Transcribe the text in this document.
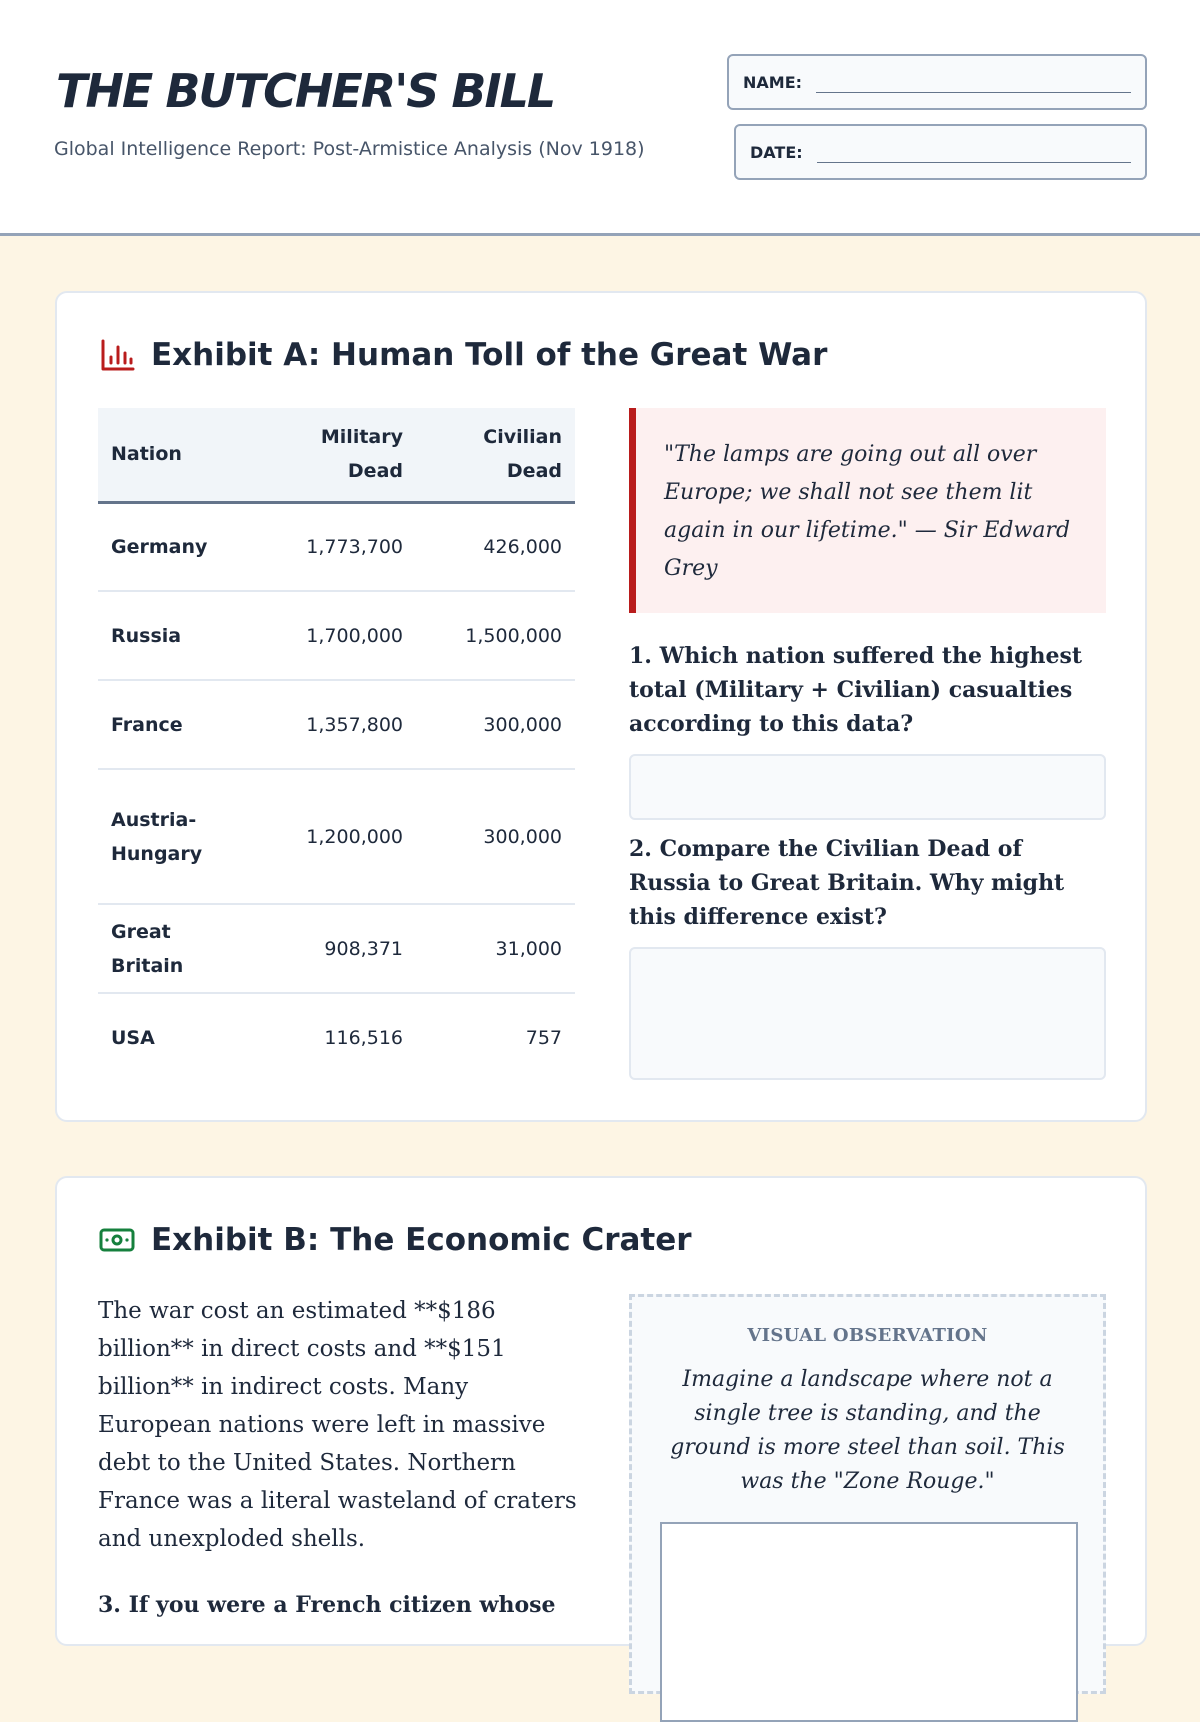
THE BUTCHER'S BILL
Global Intelligence Report: Post-Armistice Analysis (Nov 1918)
NAME:
DATE:
Exhibit A: Human Toll of the Great War
Nation	Military Dead	Civilian Dead
Germany	1,773,700	426,000
Russia	1,700,000	1,500,000
France	1,357,800	300,000
Austria-Hungary	1,200,000	300,000
Great Britain	908,371	31,000
USA	116,516	757
"The lamps are going out all over Europe; we shall not see them lit again in our lifetime." — Sir Edward Grey
1. Which nation suffered the highest total (Military + Civilian) casualties according to this data?
2. Compare the Civilian Dead of Russia to Great Britain. Why might this difference exist?
Exhibit B: The Economic Crater

The war cost an estimated **$186 billion** in direct costs and **$151 billion** in indirect costs. Many European nations were left in massive debt to the United States. Northern France was a literal wasteland of craters and unexploded shells.

3. If you were a French citizen whose
VISUAL OBSERVATION
Imagine a landscape where not a single tree is standing, and the ground is more steel than soil. This was the "Zone Rouge."
